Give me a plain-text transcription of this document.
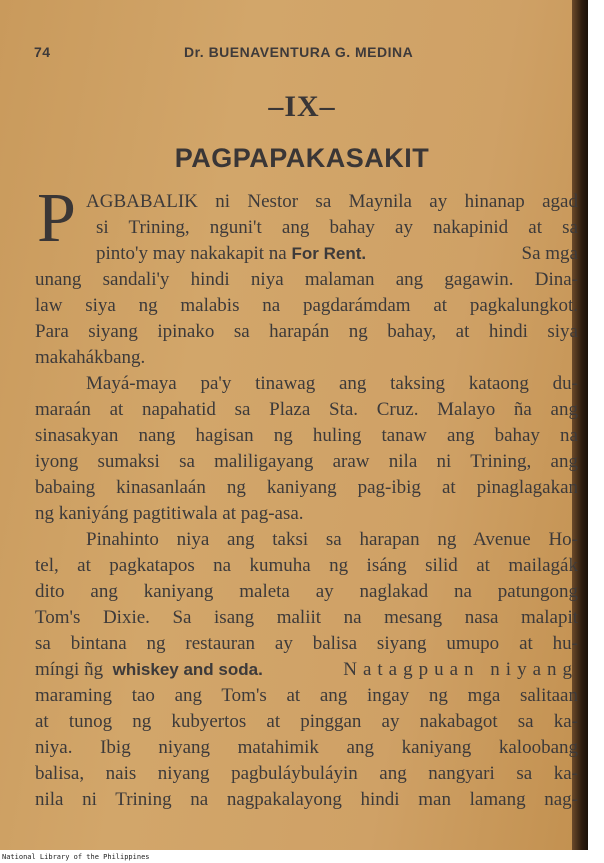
74	Dr. BUENAVENTURA G. MEDINA
–IX–
PAGPAPAKASAKIT
P AGBABALIK ni Nestor sa Maynila ay hinanap agad
si Trining, nguni't ang bahay ay nakapinid at sa
pinto'y may nakakapit na For Rent.	Sa mga
unang sandali'y hindi niya malaman ang gagawin. Dina-
law siya ng malabis na pagdarámdam at pagkalungkot.
Para siyang ipinako sa harapán ng bahay, at hindi siya
makahákbang.
Mayá-maya pa'y tinawag ang taksing kataong du-
maraán at napahatid sa Plaza Sta. Cruz. Malayo ña ang
sinasakyan nang hagisan ng huling tanaw ang bahay na
iyong sumaksi sa maliligayang araw nila ni Trining, ang
babaing kinasanlaán ng kaniyang pag-ibig at pinaglagakan
ng kaniyáng pagtitiwala at pag-asa.
Pinahinto niya ang taksi sa harapan ng Avenue Ho-
tel, at pagkatapos na kumuha ng isáng silid at mailagák
dito ang kaniyang maleta ay naglakad na patungong
Tom's Dixie. Sa isang maliit na mesang nasa malapit
sa bintana ng restauran ay balisa siyang umupo at hu-
míngi ñg whiskey and soda.	Natagpuan niyang
maraming tao ang Tom's at ang ingay ng mga salitaan
at tunog ng kubyertos at pinggan ay nakabagot sa ka-
niya. Ibig niyang matahimik ang kaniyang kaloobang
balisa, nais niyang pagbuláybuláyin ang nangyari sa ka-
nila ni Trining na nagpakalayong hindi man lamang nag-
National Library of the Philippines
